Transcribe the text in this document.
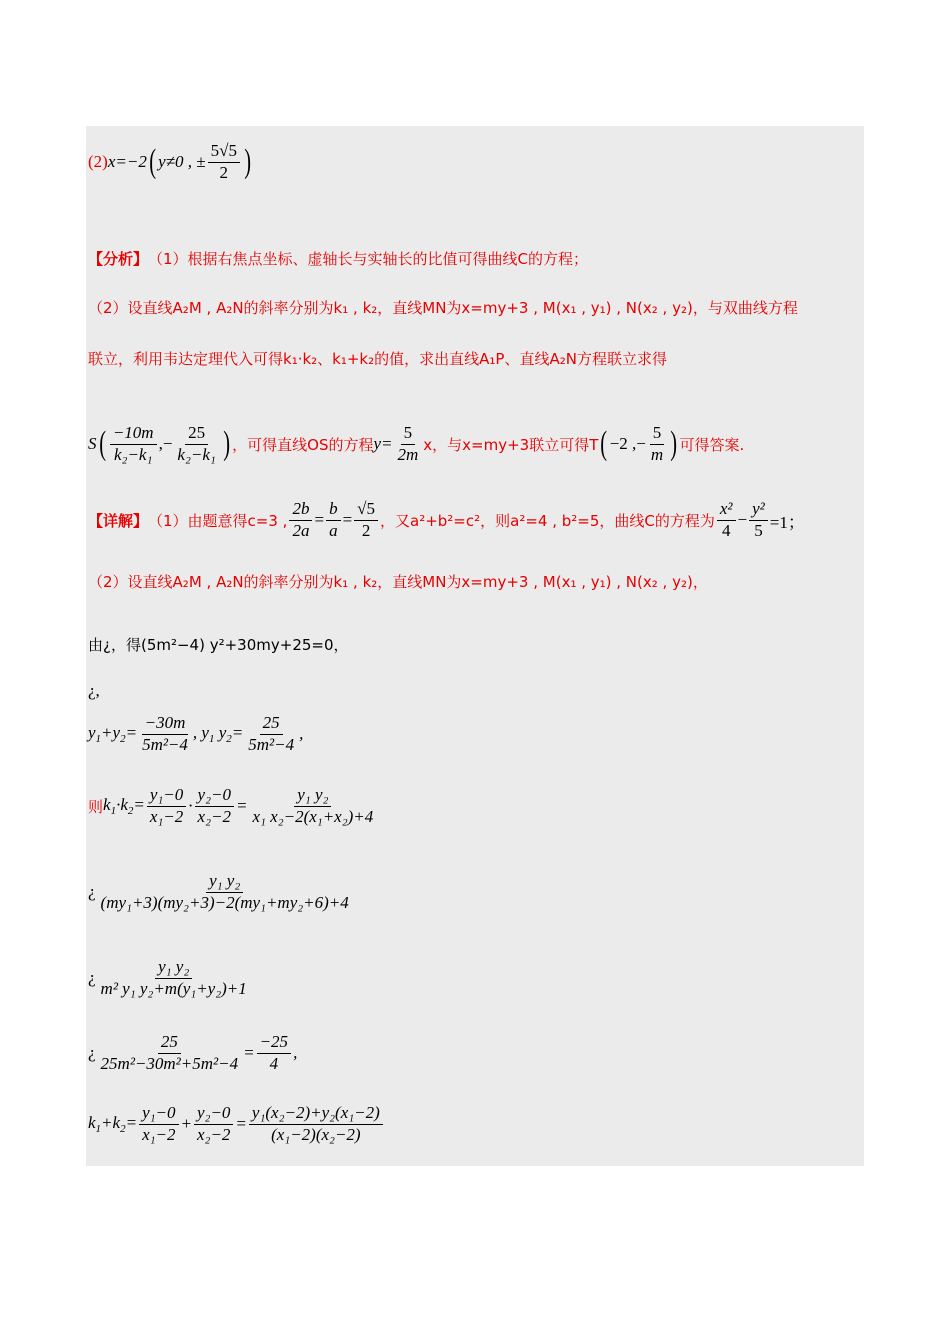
(2) x=−2 ( y≠0 , ± $\frac{5√5}{2}$ )
【分析】 （1）根据右焦点坐标、虚轴长与实轴长的比值可得曲线C的方程；
（2）设直线A₂M , A₂N的斜率分别为k₁ , k₂，直线MN为x=my+3 , M(x₁ , y₁) , N(x₂ , y₂)，与双曲线方程
联立，利用韦达定理代入可得k₁·k₂、k₁+k₂的值，求出直线A₁P、直线A₂N方程联立求得
S ( $\frac{-10m}{\text{k₂−k₁}}$ ,− $\frac{25}{\text{k₂−k₁}}$ ) ，可得直线OS的方程 $y= \frac{5}{2m}$ x，与x=my+3联立可得T ( −2 ,− $\frac{5}{m}$ ) 可得答案.
【详解】 （1）由题意得c=3 , $\frac{2b}{2a} = \frac{b}{a} = \frac{√5}{2}$ ，又a²+b²=c²，则a²=4 , b²=5，曲线C的方程为 $\frac{\text{x²}}{4} - \frac{\text{y²}}{5} =1$；
（2）设直线A₂M , A₂N的斜率分别为k₁ , k₂，直线MN为x=my+3 , M(x₁ , y₁) , N(x₂ , y₂)，
由¿，得(5m²−4) y²+30my+25=0，
¿,
$y_1+y_2= \frac{-30m}{\text{5m²−4}}$ , $y_1$ $y_2= \frac{25}{\text{5m²−4}}$ ,
则 $k_1\cdot k_2= \frac{\text{y₁−0}}{\text{x₁−2}} \cdot \frac{\text{y₂−0}}{\text{x₂−2}} = \frac{\text{y₁ y₂}}{\text{x₁ x₂−2(x₁+x₂)+4}}$
¿ $\frac{\text{y₁ y₂}}{\text{(my₁+3)(my₂+3)−2(my₁+my₂+6)+4}}$
¿ $\frac{\text{y₁ y₂}}{\text{m² y₁ y₂+m(y₁+y₂)+1}}$
¿ $\frac{25}{\text{25m²−30m²+5m²−4}} = \frac{-25}{4}$ ,
$k_1+k_2= \frac{\text{y₁−0}}{\text{x₁−2}} + \frac{\text{y₂−0}}{\text{x₂−2}} = \frac{\text{y₁(x₂−2)+y₂(x₁−2)}}{\text{(x₁−2)(x₂−2)}}$
